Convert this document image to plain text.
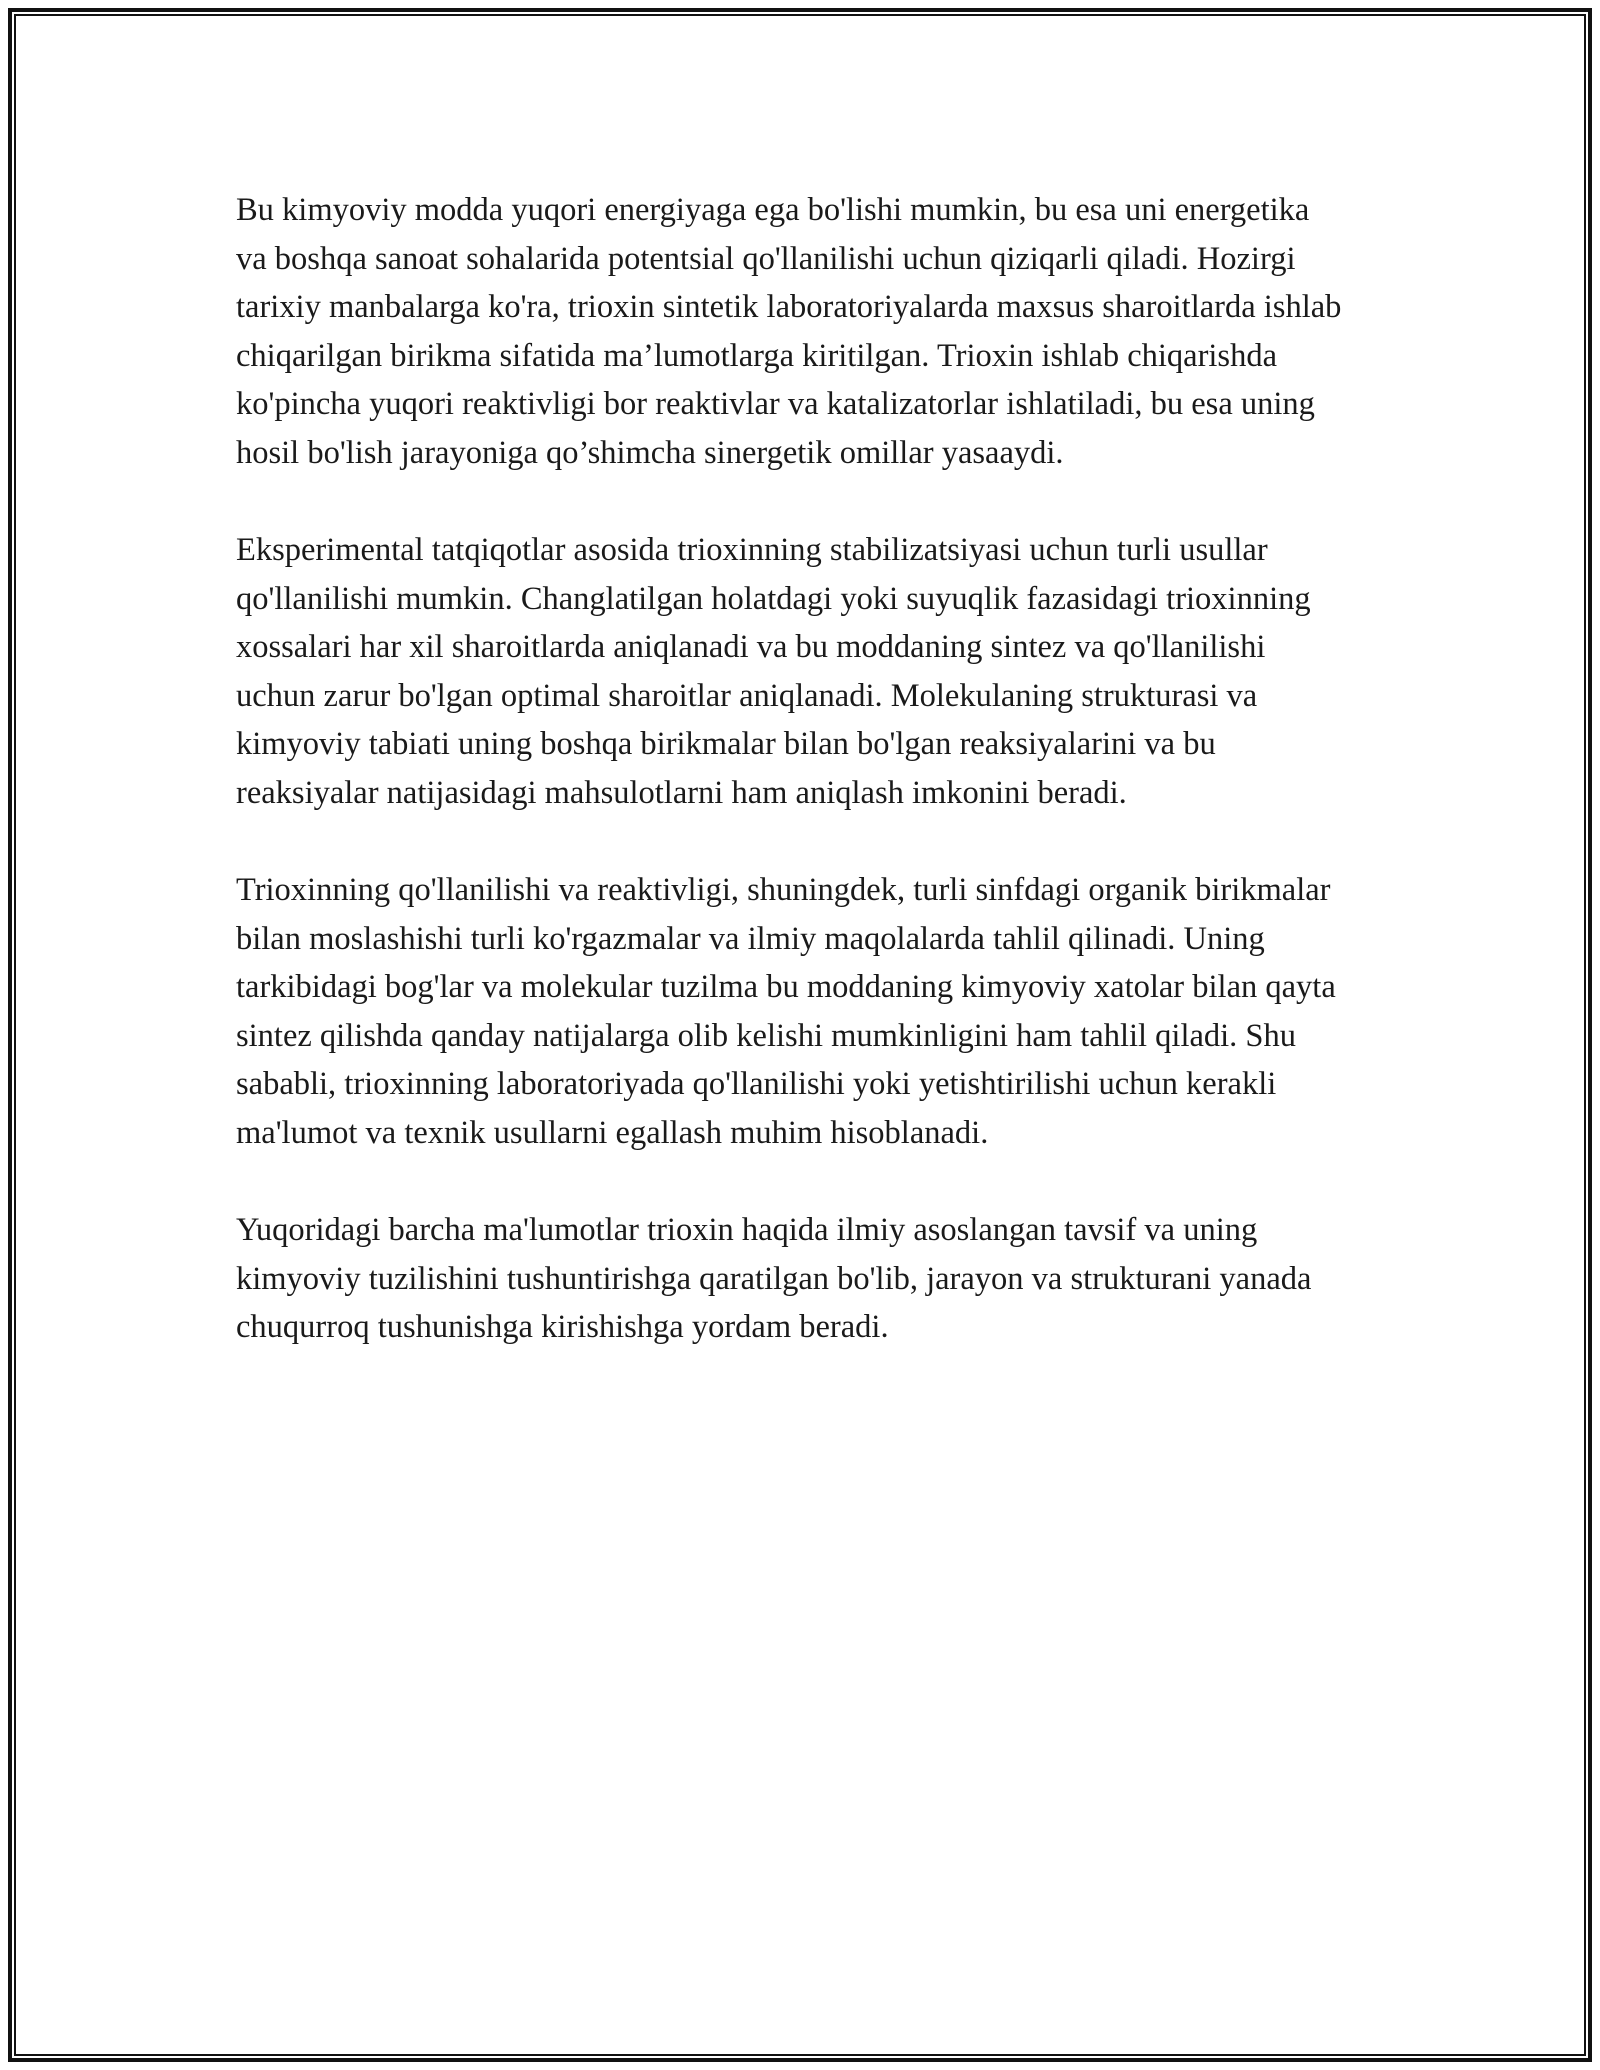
Bu kimyoviy modda yuqori energiyaga ega bo'lishi mumkin, bu esa uni energetika va boshqa sanoat sohalarida potentsial qo'llanilishi uchun qiziqarli qiladi. Hozirgi tarixiy manbalarga ko'ra, trioxin sintetik laboratoriyalarda maxsus sharoitlarda ishlab chiqarilgan birikma sifatida ma’lumotlarga kiritilgan. Trioxin ishlab chiqarishda ko'pincha yuqori reaktivligi bor reaktivlar va katalizatorlar ishlatiladi, bu esa uning hosil bo'lish jarayoniga qo’shimcha sinergetik omillar yasaaydi.

Eksperimental tatqiqotlar asosida trioxinning stabilizatsiyasi uchun turli usullar qo'llanilishi mumkin. Changlatilgan holatdagi yoki suyuqlik fazasidagi trioxinning xossalari har xil sharoitlarda aniqlanadi va bu moddaning sintez va qo'llanilishi uchun zarur bo'lgan optimal sharoitlar aniqlanadi. Molekulaning strukturasi va kimyoviy tabiati uning boshqa birikmalar bilan bo'lgan reaksiyalarini va bu reaksiyalar natijasidagi mahsulotlarni ham aniqlash imkonini beradi.

Trioxinning qo'llanilishi va reaktivligi, shuningdek, turli sinfdagi organik birikmalar bilan moslashishi turli ko'rgazmalar va ilmiy maqolalarda tahlil qilinadi. Uning tarkibidagi bog'lar va molekular tuzilma bu moddaning kimyoviy xatolar bilan qayta sintez qilishda qanday natijalarga olib kelishi mumkinligini ham tahlil qiladi. Shu sababli, trioxinning laboratoriyada qo'llanilishi yoki yetishtirilishi uchun kerakli ma'lumot va texnik usullarni egallash muhim hisoblanadi.

Yuqoridagi barcha ma'lumotlar trioxin haqida ilmiy asoslangan tavsif va uning kimyoviy tuzilishini tushuntirishga qaratilgan bo'lib, jarayon va strukturani yanada chuqurroq tushunishga kirishishga yordam beradi.
